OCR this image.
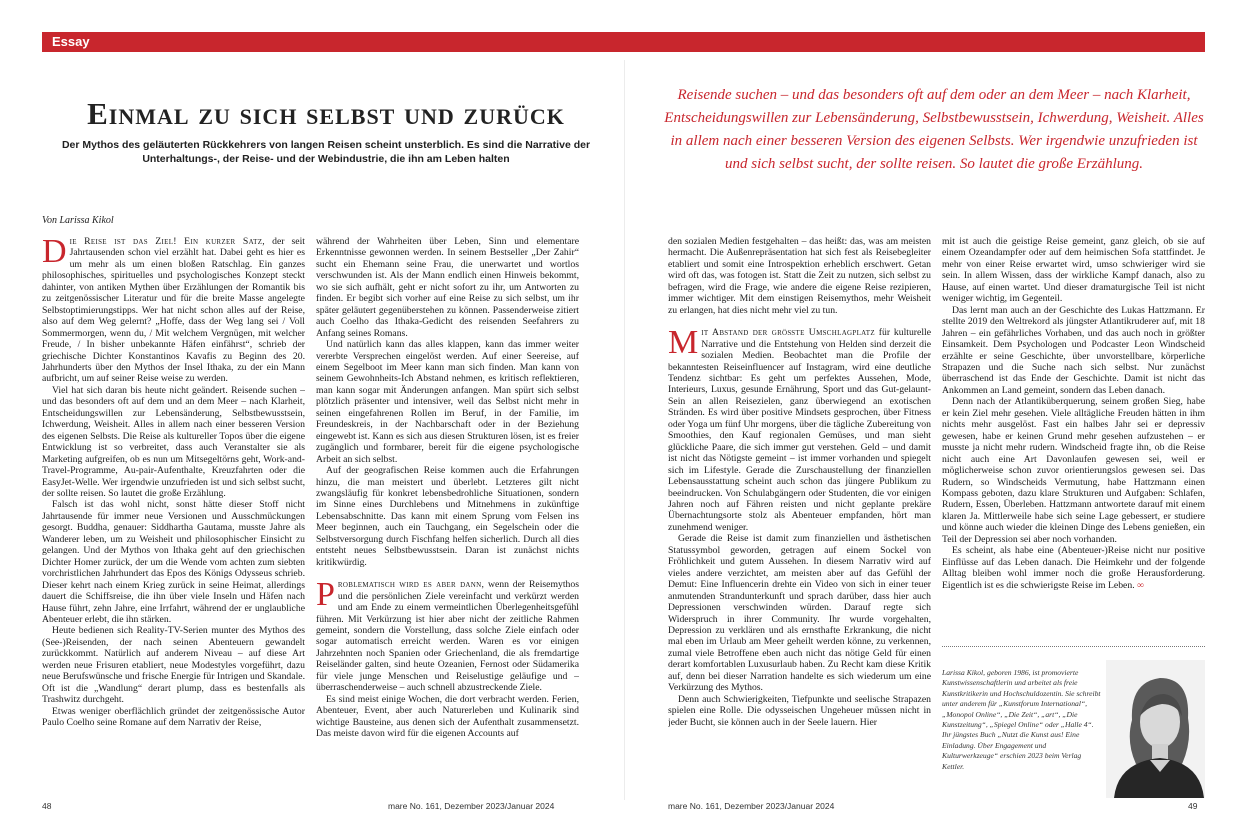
Essay
Einmal zu sich selbst und zurück
Der Mythos des geläuterten Rückkehrers von langen Reisen scheint unsterblich. Es sind die Narrative der Unterhaltungs-, der Reise- und der Webindustrie, die ihn am Leben halten
Reisende suchen – und das besonders oft auf dem oder an dem Meer – nach Klarheit, Entscheidungswillen zur Lebensänderung, Selbstbewusstsein, Ichwerdung, Weisheit. Alles in allem nach einer besseren Version des eigenen Selbsts. Wer irgendwie unzufrieden ist und sich selbst sucht, der sollte reisen. So lautet die große Erzählung.
Von Larissa Kikol

Die Reise ist das Ziel! Ein kurzer Satz, der seit Jahrtausenden schon viel erzählt hat. Dabei geht es hier es um mehr als um einen bloßen Ratschlag. Ein ganzes philosophisches, spirituelles und psychologisches Konzept steckt dahinter, von antiken Mythen über Erzählungen der Romantik bis zu zeitgenössischer Literatur und für die breite Masse angelegte Selbstoptimierungstipps. Wer hat nicht schon alles auf der Reise, also auf dem Weg gelernt? „Hoffe, dass der Weg lang sei / Voll Sommermorgen, wenn du, / Mit welchem Vergnügen, mit welcher Freude, / In bisher unbekannte Häfen einfährst“, schrieb der griechische Dichter Konstantinos Kavafis zu Beginn des 20. Jahrhunderts über den Mythos der Insel Ithaka, zu der ein Mann aufbricht, um auf seiner Reise weise zu werden.

Viel hat sich daran bis heute nicht geändert. Reisende suchen – und das besonders oft auf dem und an dem Meer – nach Klarheit, Entscheidungswillen zur Lebensänderung, Selbstbewusstsein, Ichwerdung, Weisheit. Alles in allem nach einer besseren Version des eigenen Selbsts. Die Reise als kultureller Topos über die eigene Entwicklung ist so verbreitet, dass auch Veranstalter sie als Marketing aufgreifen, ob es nun um Mitsegeltörns geht, Work-and-Travel-Programme, Au-pair-Aufenthalte, Kreuzfahrten oder die EasyJet-Welle. Wer irgendwie unzufrieden ist und sich selbst sucht, der sollte reisen. So lautet die große Erzählung.

Falsch ist das wohl nicht, sonst hätte dieser Stoff nicht Jahrtausende für immer neue Versionen und Ausschmückungen gesorgt. Buddha, genauer: Siddhartha Gautama, musste Jahre als Wanderer leben, um zu Weisheit und philosophischer Einsicht zu gelangen. Und der Mythos von Ithaka geht auf den griechischen Dichter Homer zurück, der um die Wende vom achten zum siebten vorchristlichen Jahrhundert das Epos des Königs Odysseus schrieb. Dieser kehrt nach einem Krieg zurück in seine Heimat, allerdings dauert die Schiffsreise, die ihn über viele Inseln und Häfen nach Hause führt, zehn Jahre, eine Irrfahrt, während der er unglaubliche Abenteuer erlebt, die ihn stärken.

Heute bedienen sich Reality-TV-Serien munter des Mythos des (See-)Reisenden, der nach seinen Abenteuern gewandelt zurückkommt. Natürlich auf anderem Niveau – auf diese Art werden neue Frisuren etabliert, neue Modestyles vorgeführt, dazu neue Berufswünsche und frische Energie für Intrigen und Skandale. Oft ist die „Wandlung“ derart plump, dass es bestenfalls als Trashwitz durchgeht.

Etwas weniger oberflächlich gründet der zeitgenössische Autor Paulo Coelho seine Romane auf dem Narrativ der Reise,

während der Wahrheiten über Leben, Sinn und elementare Erkenntnisse gewonnen werden. In seinem Bestseller „Der Zahir“ sucht ein Ehemann seine Frau, die unerwartet und wortlos verschwunden ist. Als der Mann endlich einen Hinweis bekommt, wo sie sich aufhält, geht er nicht sofort zu ihr, um Antworten zu finden. Er begibt sich vorher auf eine Reise zu sich selbst, um ihr später geläutert gegenüberstehen zu können. Passenderweise zitiert auch Coelho das Ithaka-Gedicht des reisenden Seefahrers zu Anfang seines Romans.

Und natürlich kann das alles klappen, kann das immer weiter vererbte Versprechen eingelöst werden. Auf einer Seereise, auf einem Segelboot im Meer kann man sich finden. Man kann von seinem Gewohnheits-Ich Abstand nehmen, es kritisch reflektieren, man kann sogar mit Änderungen anfangen. Man spürt sich selbst plötzlich präsenter und intensiver, weil das Selbst nicht mehr in seinen eingefahrenen Rollen im Beruf, in der Familie, im Freundeskreis, in der Nachbarschaft oder in der Beziehung eingewebt ist. Kann es sich aus diesen Strukturen lösen, ist es freier zugänglich und formbarer, bereit für die eigene psychologische Arbeit an sich selbst.

Auf der geografischen Reise kommen auch die Erfahrungen hinzu, die man meistert und überlebt. Letzteres gilt nicht zwangsläufig für konkret lebensbedrohliche Situationen, sondern im Sinne eines Durchlebens und Mitnehmens in zukünftige Lebensabschnitte. Das kann mit einem Sprung vom Felsen ins Meer beginnen, auch ein Tauchgang, ein Segelschein oder die Selbstversorgung durch Fischfang helfen sicherlich. Durch all dies entsteht neues Selbstbewusstsein. Daran ist zunächst nichts kritikwürdig.

Problematisch wird es aber dann, wenn der Reisemythos und die persönlichen Ziele vereinfacht und verkürzt werden und am Ende zu einem vermeintlichen Überlegenheitsgefühl führen. Mit Verkürzung ist hier aber nicht der zeitliche Rahmen gemeint, sondern die Vorstellung, dass solche Ziele einfach oder sogar automatisch erreicht werden. Waren es vor einigen Jahrzehnten noch Spanien oder Griechenland, die als fremdartige Reiseländer galten, sind heute Ozeanien, Fernost oder Südamerika für viele junge Menschen und Reiselustige geläufige und – überraschenderweise – auch schnell abzustreckende Ziele.

Es sind meist einige Wochen, die dort verbracht werden. Ferien, Abenteuer, Event, aber auch Naturerleben und Kulinarik sind wichtige Bausteine, aus denen sich der Aufenthalt zusammensetzt. Das meiste davon wird für die eigenen Accounts auf

den sozialen Medien festgehalten – das heißt: das, was am meisten hermacht. Die Außenrepräsentation hat sich fest als Reisebegleiter etabliert und somit eine Introspektion erheblich erschwert. Getan wird oft das, was fotogen ist. Statt die Zeit zu nutzen, sich selbst zu befragen, wird die Frage, wie andere die eigene Reise rezipieren, immer wichtiger. Mit dem einstigen Reisemythos, mehr Weisheit zu erlangen, hat dies nicht mehr viel zu tun.

Mit Abstand der größte Umschlagplatz für kulturelle Narrative und die Entstehung von Helden sind derzeit die sozialen Medien. Beobachtet man die Profile der bekanntesten Reiseinfluencer auf Instagram, wird eine deutliche Tendenz sichtbar: Es geht um perfektes Aussehen, Mode, Interieurs, Luxus, gesunde Ernährung, Sport und das Gut-gelaunt-Sein an allen Reisezielen, ganz überwiegend an exotischen Stränden. Es wird über positive Mindsets gesprochen, über Fitness oder Yoga um fünf Uhr morgens, über die tägliche Zubereitung von Smoothies, den Kauf regionalen Gemüses, und man sieht glückliche Paare, die sich immer gut verstehen. Geld – und damit ist nicht das Nötigste gemeint – ist immer vorhanden und spiegelt sich im Lifestyle. Gerade die Zurschaustellung der finanziellen Lebensausstattung scheint auch schon das jüngere Publikum zu beeindrucken. Von Schulabgängern oder Studenten, die vor einigen Jahren noch auf Fähren reisten und nicht geplante prekäre Übernachtungsorte stolz als Abenteuer empfanden, hört man zunehmend weniger.

Gerade die Reise ist damit zum finanziellen und ästhetischen Statussymbol geworden, getragen auf einem Sockel von Fröhlichkeit und gutem Aussehen. In diesem Narrativ wird auf vieles andere verzichtet, am meisten aber auf das Gefühl der Demut: Eine Influencerin drehte ein Video von sich in einer teuer anmutenden Strandunterkunft und sprach darüber, dass hier auch Depressionen verschwinden würden. Darauf regte sich Widerspruch in ihrer Community. Ihr wurde vorgehalten, Depression zu verklären und als ernsthafte Erkrankung, die nicht mal eben im Urlaub am Meer geheilt werden könne, zu verkennen, zumal viele Betroffene eben auch nicht das nötige Geld für einen derart komfortablen Luxusurlaub haben. Zu Recht kam diese Kritik auf, denn bei dieser Narration handelte es sich wiederum um eine Verkürzung des Mythos.

Denn auch Schwierigkeiten, Tiefpunkte und seelische Strapazen spielen eine Rolle. Die odysseischen Ungeheuer müssen nicht in jeder Bucht, sie können auch in der Seele lauern. Hier

mit ist auch die geistige Reise gemeint, ganz gleich, ob sie auf einem Ozeandampfer oder auf dem heimischen Sofa stattfindet. Je mehr von einer Reise erwartet wird, umso schwieriger wird sie sein. In allem Wissen, dass der wirkliche Kampf danach, also zu Hause, auf einen wartet. Und dieser dramaturgische Teil ist nicht weniger wichtig, im Gegenteil.

Das lernt man auch an der Geschichte des Lukas Hattzmann. Er stellte 2019 den Weltrekord als jüngster Atlantikruderer auf, mit 18 Jahren – ein gefährliches Vorhaben, und das auch noch in größter Einsamkeit. Dem Psychologen und Podcaster Leon Windscheid erzählte er seine Geschichte, über unvorstellbare, körperliche Strapazen und die Suche nach sich selbst. Nur zunächst überraschend ist das Ende der Geschichte. Damit ist nicht das Ankommen an Land gemeint, sondern das Leben danach.

Denn nach der Atlantiküberquerung, seinem großen Sieg, habe er kein Ziel mehr gesehen. Viele alltägliche Freuden hätten in ihm nichts mehr ausgelöst. Fast ein halbes Jahr sei er depressiv gewesen, habe er keinen Grund mehr gesehen aufzustehen – er musste ja nicht mehr rudern. Windscheid fragte ihn, ob die Reise nicht auch eine Art Davonlaufen gewesen sei, weil er möglicherweise schon zuvor orientierungslos gewesen sei. Das Rudern, so Windscheids Vermutung, habe Hattzmann einen Kompass geboten, dazu klare Strukturen und Aufgaben: Schlafen, Rudern, Essen, Überleben. Hattzmann antwortete darauf mit einem klaren Ja. Mittlerweile habe sich seine Lage gebessert, er studiere und könne auch wieder die kleinen Dinge des Lebens genießen, ein Teil der Depression sei aber noch vorhanden.

Es scheint, als habe eine (Abenteuer-)Reise nicht nur positive Einflüsse auf das Leben danach. Die Heimkehr und der folgende Alltag bleiben wohl immer noch die große Herausforderung. Eigentlich ist es die schwierigste Reise im Leben. ∞

Larissa Kikol, geboren 1986, ist promovierte Kunstwissenschaftlerin und arbeitet als freie Kunstkritikerin und Hochschuldozentin. Sie schreibt unter anderem für „Kunstforum International“, „Monopol Online“, „Die Zeit“, „art“, „Die Kunstzeitung“, „Spiegel Online“ oder „Halle 4“. Ihr jüngstes Buch „Nutzt die Kunst aus! Eine Einladung. Über Engagement und Kulturwerkzeuge“ erschien 2023 beim Verlag Kettler.
48	mare No. 161, Dezember 2023/Januar 2024	mare No. 161, Dezember 2023/Januar 2024	49
